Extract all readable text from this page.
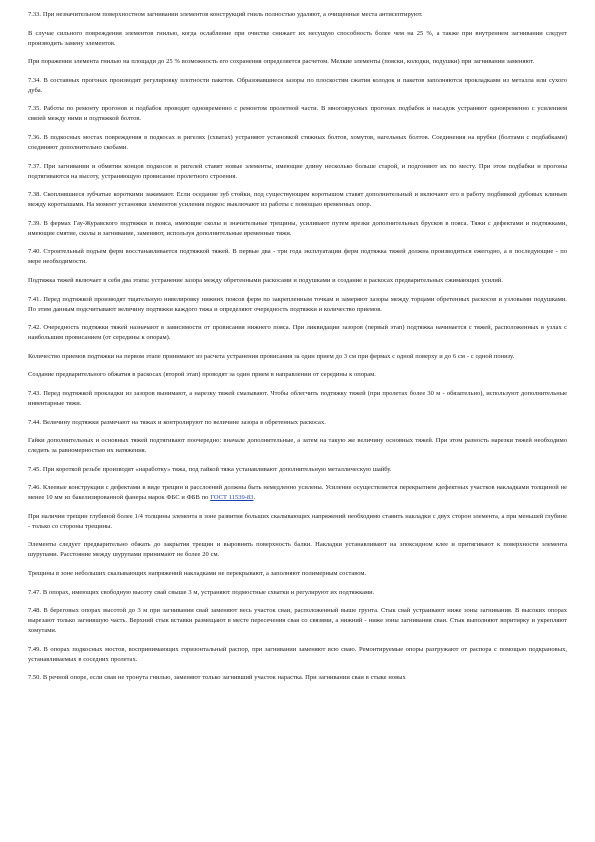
7.33. При незначительном поверхностном загнивании элементов конструкций гниль полностью удаляют, а очищенные места антисептируют.

В случае сильного повреждения элементов гнилью, когда ослабление при очистке снижает их несущую способность более чем на 25 %, а также при внутреннем загнивании следует производить замену элементов.

При поражении элемента гнилью на площади до 25 % возможность его сохранения определяется расчетом. Мелкие элементы (пояски, колодки, подушки) при загнивании заменяют.

7.34. В составных прогонах производят регулировку плотности пакетов. Образовавшиеся зазоры по плоскостям сжатия колодок и пакетов заполняются прокладками из металла или сухого дуба.

7.35. Работы по ремонту прогонов и подбабок проводят одновременно с ремонтом пролетной части. В многоярусных прогонах подбабок и насадок устраняют одновременно с усилением связей между ними и подтяжкой болтов.

7.36. В подкосных мостах повреждения в подкосах и ригелях (схватах) устраняют установкой стяжных болтов, хомутов, нагельных болтов. Соединения на врубки (болтами с подбабками) соединяют дополнительно скобами.

7.37. При загнивании и обмятии концов подкосов и ригелей ставят новые элементы, имеющие длину несколько больше старой, и подгоняют их по месту. При этом подбабки и прогоны подтягиваются на высоту, устраняющую провисание пролетного строения.

7.38. Скоплившиеся зубчатые короткими зажимают. Если оседание зуб стойки, под существующим коротышом ставят дополнительный и включают его в работу подбивкой дубовых клиньев между коротышами. На момент установки элементов усиления подкос выключают из работы с помощью временных опор.

7.39. В фермах Гау-Журавского подтяжки и пояса, имеющие сколы и значительные трещины, усиливают путем врезки дополнительных брусков в пояса. Тяжи с дефектами и подтяжками, имеющие смятие, сколы и загнивание, заменяют, используя дополнительные временные тяжи.

7.40. Строительный подъем ферм восстанавливается подтяжкой тяжей. В первые два - три года эксплуатации ферм подтяжка тяжей должна производиться ежегодно, а в последующие - по мере необходимости.

Подтяжка тяжей включает в себя два этапа: устранение зазора между обретенными раскосами и подушками и создание в раскосах предварительных сжимающих усилий.

7.41. Перед подтяжкой производят тщательную нивелировку нижних поясов ферм по закрепленным точкам и замеряют зазоры между торцами обретенных раскосов и узловыми подушками. По этим данным подсчитывают величину подтяжки каждого тяжа и определяют очередность подтяжки и количество приемов.

7.42. Очередность подтяжки тяжей назначают в зависимости от провисания нижнего пояса. При ликвидации зазоров (первый этап) подтяжка начинается с тяжей, расположенных в узлах с наибольшим провисанием (от середины к опорам).

Количество приемов подтяжки на первом этапе принимают из расчета устранения провисания за один прием до 3 см при фермах с одной поверху и до 6 см - с одной понизу.

Создание предварительного обжатия в раскосах (второй этап) проводят за один прием в направлении от середины к опорам.

7.43. Перед подтяжкой прокладки из зазоров вынимают, а нарезку тяжей смазывают. Чтобы облегчить подтяжку тяжей (при пролетах более 30 м - обязательно), используют дополнительные инвентарные тяжи.

7.44. Величину подтяжки размечают на тяжах и контролируют по величине зазора в обретенных раскосах.

Гайки дополнительных и основных тяжей подтягивают поочередно: вначале дополнительные, а затем на такую же величину основных тяжей. При этом разность нарезки тяжей необходимо следить за равномерностью их натяжения.

7.45. При короткой резьбе производят «наработку» тяжа, под гайкой тяжа устанавливают дополнительную металлическую шайбу.

7.46. Клеевые конструкции с дефектами в виде трещин и расслоений должны быть немедленно усилены. Усиление осуществляется перекрытием дефектных участков накладками толщиной не менее 10 мм из бакелизированной фанеры марок ФБС и ФБВ по ГОСТ 11539-83.

При наличии трещин глубиной более 1/4 толщины элемента в зоне развития больших скалывающих напряжений необходимо ставить накладки с двух сторон элемента, а при меньшей глубине - только со стороны трещины.

Элементы следует предварительно обжать до закрытия трещин и выровнять поверхность балки. Накладки устанавливают на эпоксидном клее и притягивают к поверхности элемента шурупами. Расстояние между шурупами принимают не более 20 см.

Трещины в зоне небольших скалывающих напряжений накладками не перекрывают, а заполняют полимерным составом.

7.47. В опорах, имеющих свободную высоту свай свыше 3 м, устраняют подмостные схватки и регулируют их подтяжками.

7.48. В береговых опорах высотой до 3 м при загнивании свай заменяют весь участок сваи, расположенный выше грунта. Стык свай устраивают ниже зоны загнивания. В высоких опорах вырезают только загнившую часть. Верхний стык вставки размещают в месте пересечения свая со связями, а нижний - ниже зоны загнивания сваи. Стык выполняют впритирку и укрепляют хомутами.

7.49. В опорах подкосных мостов, воспринимающих горизонтальный распор, при загнивании заменяют всю сваю. Ремонтируемые опоры разгружают от распора с помощью подкрановых, устанавливаемых в соседних пролетах.

7.50. В речной опоре, если свая не тронута гнилью, заменяют только загнивший участок нарастка. При загнивании сваи в стыке новых
